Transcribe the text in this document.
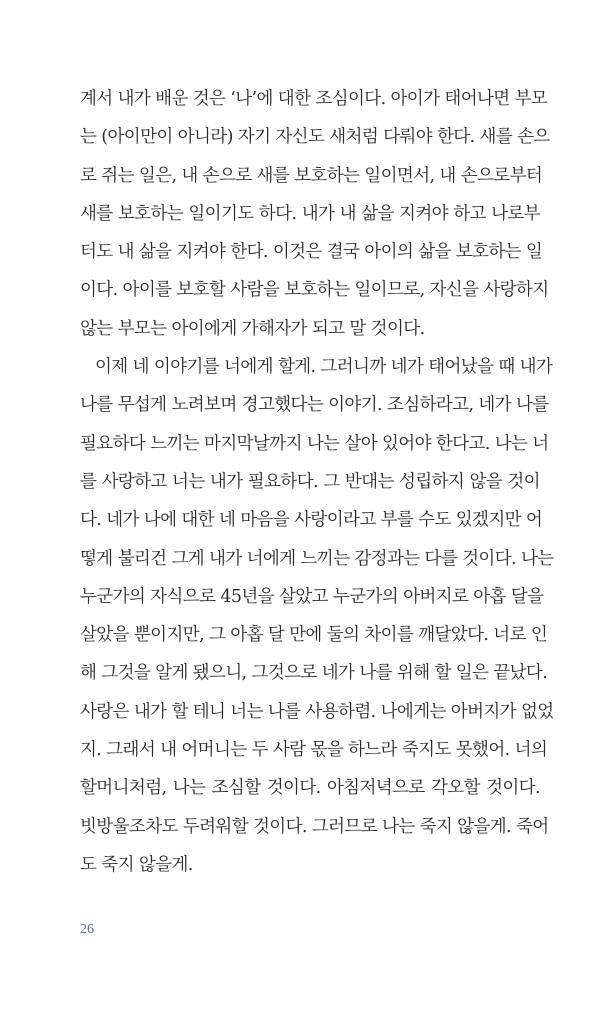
계서 내가 배운 것은 ‘나’에 대한 조심이다. 아이가 태어나면 부모
는 (아이만이 아니라) 자기 자신도 새처럼 다뤄야 한다. 새를 손으
로 쥐는 일은, 내 손으로 새를 보호하는 일이면서, 내 손으로부터
새를 보호하는 일이기도 하다. 내가 내 삶을 지켜야 하고 나로부
터도 내 삶을 지켜야 한다. 이것은 결국 아이의 삶을 보호하는 일
이다. 아이를 보호할 사람을 보호하는 일이므로, 자신을 사랑하지
않는 부모는 아이에게 가해자가 되고 말 것이다.
이제 네 이야기를 너에게 할게. 그러니까 네가 태어났을 때 내가
나를 무섭게 노려보며 경고했다는 이야기. 조심하라고, 네가 나를
필요하다 느끼는 마지막날까지 나는 살아 있어야 한다고. 나는 너
를 사랑하고 너는 내가 필요하다. 그 반대는 성립하지 않을 것이
다. 네가 나에 대한 네 마음을 사랑이라고 부를 수도 있겠지만 어
떻게 불리건 그게 내가 너에게 느끼는 감정과는 다를 것이다. 나는
누군가의 자식으로 45년을 살았고 누군가의 아버지로 아홉 달을
살았을 뿐이지만, 그 아홉 달 만에 둘의 차이를 깨달았다. 너로 인
해 그것을 알게 됐으니, 그것으로 네가 나를 위해 할 일은 끝났다.
사랑은 내가 할 테니 너는 나를 사용하렴. 나에게는 아버지가 없었
지. 그래서 내 어머니는 두 사람 몫을 하느라 죽지도 못했어. 너의
할머니처럼, 나는 조심할 것이다. 아침저녁으로 각오할 것이다.
빗방울조차도 두려워할 것이다. 그러므로 나는 죽지 않을게. 죽어
도 죽지 않을게.
26
